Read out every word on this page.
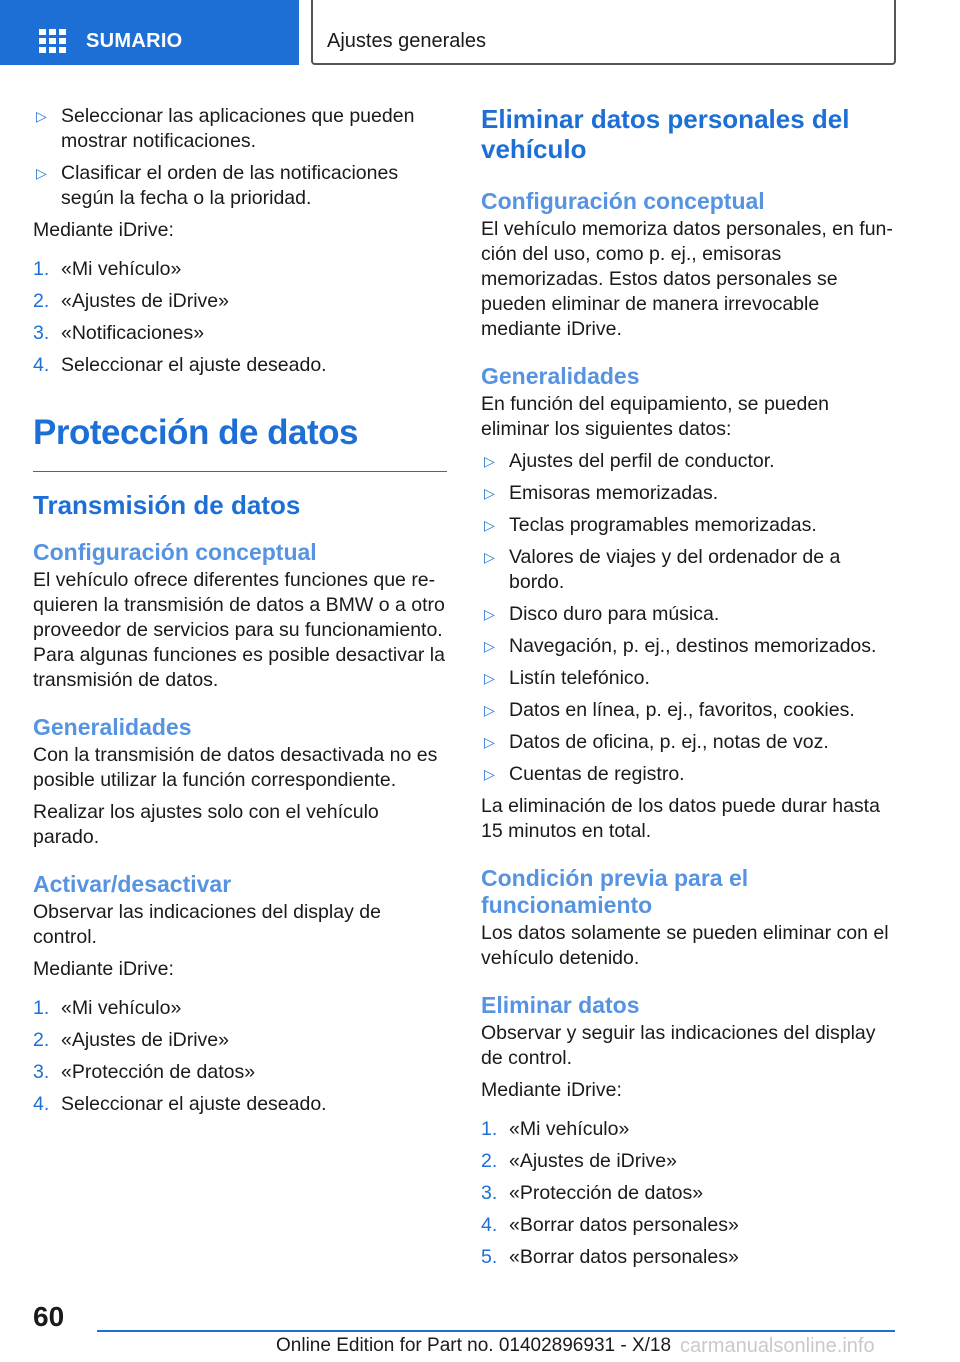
SUMARIO	Ajustes generales
▷ Seleccionar las aplicaciones que pueden mostrar notificaciones.
▷ Clasificar el orden de las notificaciones según la fecha o la prioridad.

Mediante iDrive:

1. «Mi vehículo»
2. «Ajustes de iDrive»
3. «Notificaciones»
4. Seleccionar el ajuste deseado.
Protección de datos
Transmisión de datos
Configuración conceptual

El vehículo ofrece diferentes funciones que requieren la transmisión de datos a BMW o a otro proveedor de servicios para su funcionamiento. Para algunas funciones es posible desactivar la transmisión de datos.

Generalidades

Con la transmisión de datos desactivada no es posible utilizar la función correspondiente.

Realizar los ajustes solo con el vehículo parado.

Activar/desactivar

Observar las indicaciones del display de control.

Mediante iDrive:

1. «Mi vehículo»
2. «Ajustes de iDrive»
3. «Protección de datos»
4. Seleccionar el ajuste deseado.
Eliminar datos personales del vehículo
Configuración conceptual

El vehículo memoriza datos personales, en función del uso, como p. ej., emisoras memorizadas. Estos datos personales se pueden eliminar de manera irrevocable mediante iDrive.

Generalidades

En función del equipamiento, se pueden eliminar los siguientes datos:

▷ Ajustes del perfil de conductor.
▷ Emisoras memorizadas.
▷ Teclas programables memorizadas.
▷ Valores de viajes y del ordenador de a bordo.
▷ Disco duro para música.
▷ Navegación, p. ej., destinos memorizados.
▷ Listín telefónico.
▷ Datos en línea, p. ej., favoritos, cookies.
▷ Datos de oficina, p. ej., notas de voz.
▷ Cuentas de registro.

La eliminación de los datos puede durar hasta 15 minutos en total.

Condición previa para el funcionamiento

Los datos solamente se pueden eliminar con el vehículo detenido.

Eliminar datos

Observar y seguir las indicaciones del display de control.

Mediante iDrive:

1. «Mi vehículo»
2. «Ajustes de iDrive»
3. «Protección de datos»
4. «Borrar datos personales»
5. «Borrar datos personales»
60
Online Edition for Part no. 01402896931 - X/18 carmanualsonline.info
